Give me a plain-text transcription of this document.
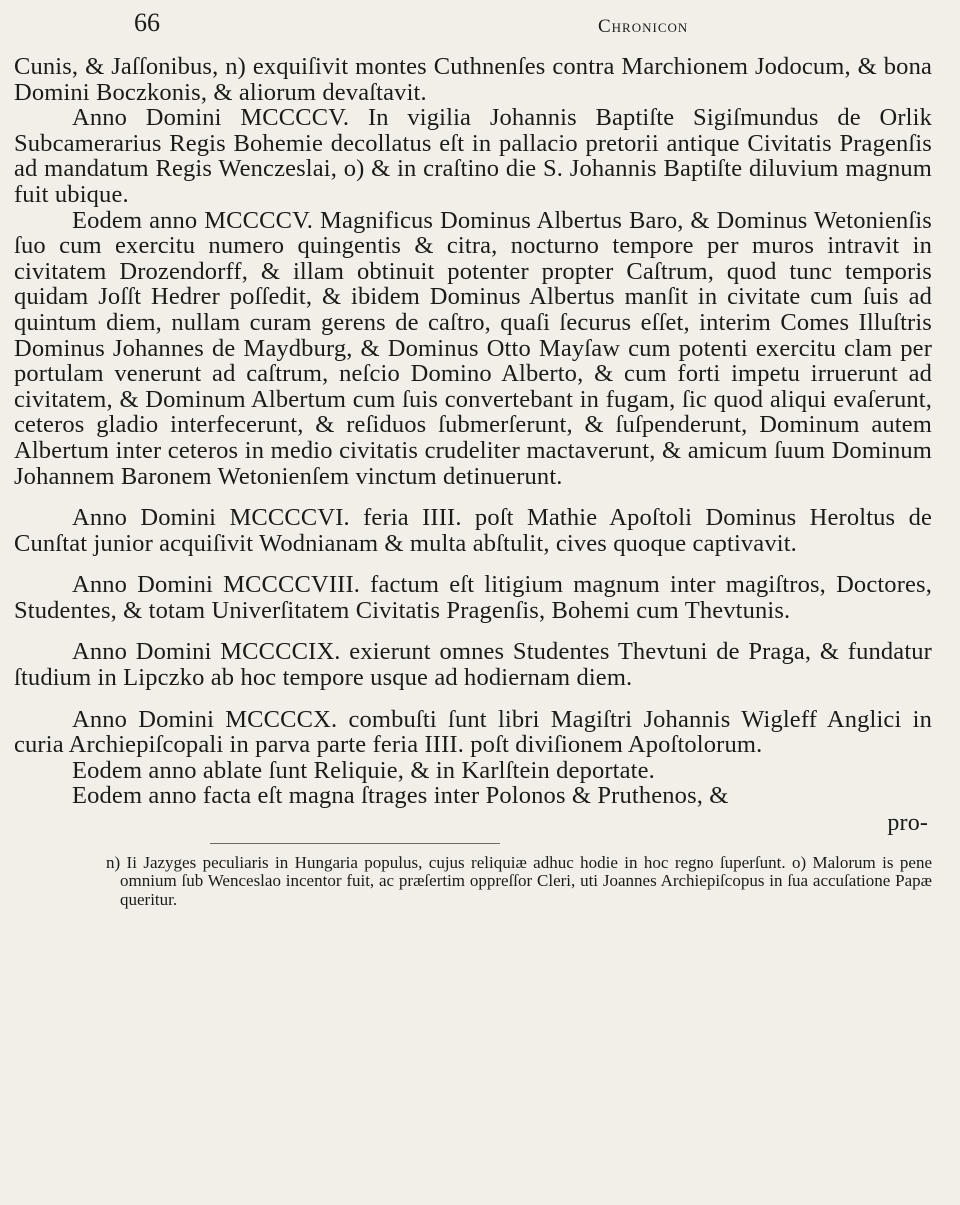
66	Chronicon

Cunis, & Jaſſonibus, n) exquiſivit montes Cuthnenſes contra Marchionem Jodocum, & bona Domini Boczkonis, & aliorum devaſtavit.

Anno Domini MCCCCV. In vigilia Johannis Baptiſte Sigiſmundus de Orlik Subcamerarius Regis Bohemie decollatus eſt in pallacio pretorii antique Civitatis Pragenſis ad mandatum Regis Wenczeslai, o) & in craſtino die S. Johannis Baptiſte diluvium magnum fuit ubique.

Eodem anno MCCCCV. Magnificus Dominus Albertus Baro, & Dominus Wetonienſis ſuo cum exercitu numero quingentis & citra, nocturno tempore per muros intravit in civitatem Drozendorff, & illam obtinuit potenter propter Caſtrum, quod tunc temporis quidam Joſſt Hedrer poſſedit, & ibidem Dominus Albertus manſit in civitate cum ſuis ad quintum diem, nullam curam gerens de caſtro, quaſi ſecurus eſſet, interim Comes Illuſtris Dominus Johannes de Maydburg, & Dominus Otto Mayſaw cum potenti exercitu clam per portulam venerunt ad caſtrum, neſcio Domino Alberto, & cum forti impetu irruerunt ad civitatem, & Dominum Albertum cum ſuis convertebant in fugam, ſic quod aliqui evaſerunt, ceteros gladio interfecerunt, & reſiduos ſubmerſerunt, & ſuſpenderunt, Dominum autem Albertum inter ceteros in medio civitatis crudeliter mactaverunt, & amicum ſuum Dominum Johannem Baronem Wetonienſem vinctum detinuerunt.

Anno Domini MCCCCVI. feria IIII. poſt Mathie Apoſtoli Dominus Heroltus de Cunſtat junior acquiſivit Wodnianam & multa abſtulit, cives quoque captivavit.

Anno Domini MCCCCVIII. factum eſt litigium magnum inter magiſtros, Doctores, Studentes, & totam Univerſitatem Civitatis Pragenſis, Bohemi cum Thevtunis.

Anno Domini MCCCCIX. exierunt omnes Studentes Thevtuni de Praga, & fundatur ſtudium in Lipczko ab hoc tempore usque ad hodiernam diem.

Anno Domini MCCCCX. combuſti ſunt libri Magiſtri Johannis Wigleff Anglici in curia Archiepiſcopali in parva parte feria IIII. poſt diviſionem Apoſtolorum.

Eodem anno ablate ſunt Reliquie, & in Karlſtein deportate.

Eodem anno facta eſt magna ſtrages inter Polonos & Pruthenos, &

pro-
n) Ii Jazyges peculiaris in Hungaria populus, cujus reliquiæ adhuc hodie in hoc regno ſuperſunt. o) Malorum is pene omnium ſub Wenceslao incentor fuit, ac præſertim oppreſſor Cleri, uti Joannes Archiepiſcopus in ſua accuſatione Papæ queritur.
